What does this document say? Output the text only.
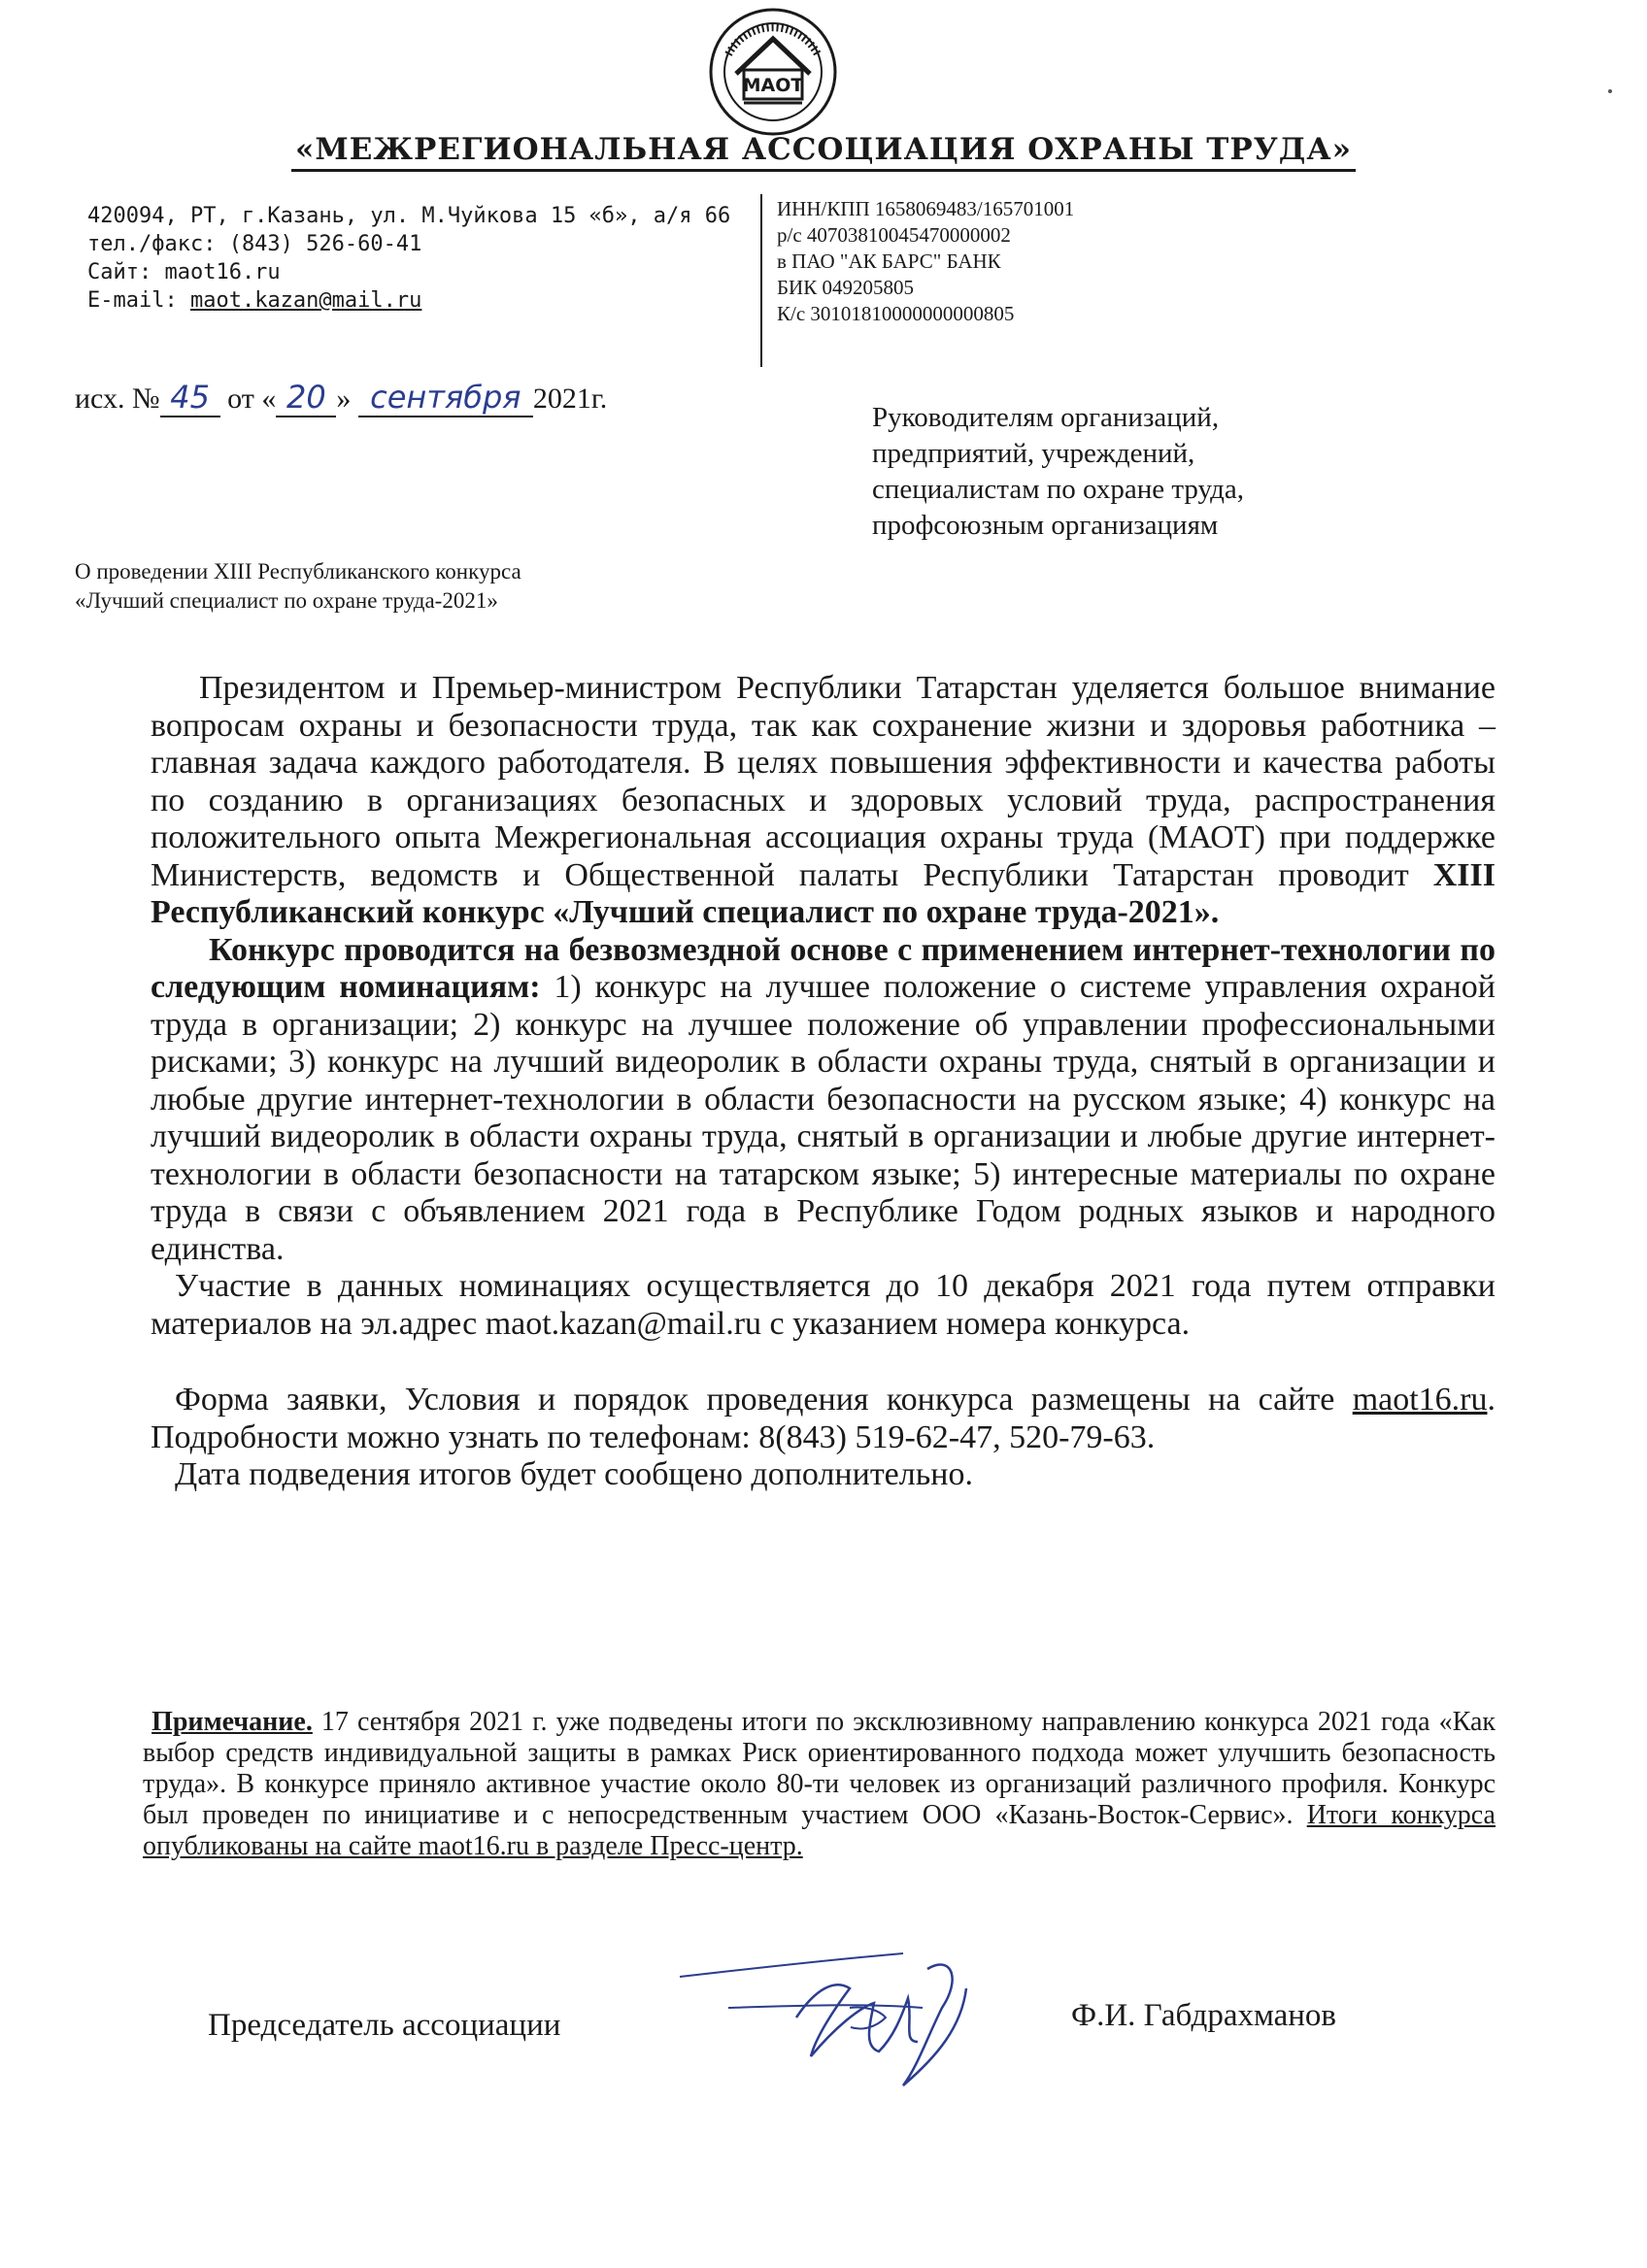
МАОТ
«МЕЖРЕГИОНАЛЬНАЯ АССОЦИАЦИЯ ОХРАНЫ ТРУДА»
420094, РТ, г.Казань, ул. М.Чуйкова 15 «б», а/я 66
тел./факс: (843) 526-60-41
Сайт: maot16.ru
E-mail: maot.kazan@mail.ru
ИНН/КПП 1658069483/165701001
р/с 40703810045470000002
в ПАО "АК БАРС" БАНК
БИК 049205805
К/с 30101810000000000805
исх. № 45 от « 20 » сентября 2021г.
Руководителям организаций,
предприятий, учреждений,
специалистам по охране труда,
профсоюзным организациям
О проведении XIII Республиканского конкурса
«Лучший специалист по охране труда-2021»

Президентом и Премьер-министром Республики Татарстан уделяется большое внимание вопросам охраны и безопасности труда, так как сохранение жизни и здоровья работника – главная задача каждого работодателя. В целях повышения эффективности и качества работы по созданию в организациях безопасных и здоровых условий труда, распространения положительного опыта Межрегиональная ассоциация охраны труда (МАОТ) при поддержке Министерств, ведомств и Общественной палаты Республики Татарстан проводит XIII Республиканский конкурс «Лучший специалист по охране труда-2021».

Конкурс проводится на безвозмездной основе с применением интернет-технологии по следующим номинациям: 1) конкурс на лучшее положение о системе управления охраной труда в организации; 2) конкурс на лучшее положение об управлении профессиональными рисками; 3) конкурс на лучший видеоролик в области охраны труда, снятый в организации и любые другие интернет-технологии в области безопасности на русском языке; 4) конкурс на лучший видеоролик в области охраны труда, снятый в организации и любые другие интернет-технологии в области безопасности на татарском языке; 5) интересные материалы по охране труда в связи с объявлением 2021 года в Республике Годом родных языков и народного единства.

Участие в данных номинациях осуществляется до 10 декабря 2021 года путем отправки материалов на эл.адрес maot.kazan@mail.ru с указанием номера конкурса.

Форма заявки, Условия и порядок проведения конкурса размещены на сайте maot16.ru. Подробности можно узнать по телефонам: 8(843) 519-62-47, 520-79-63.

Дата подведения итогов будет сообщено дополнительно.

Примечание. 17 сентября 2021 г. уже подведены итоги по эксклюзивному направлению конкурса 2021 года «Как выбор средств индивидуальной защиты в рамках Риск ориентированного подхода может улучшить безопасность труда». В конкурсе приняло активное участие около 80-ти человек из организаций различного профиля. Конкурс был проведен по инициативе и с непосредственным участием ООО «Казань-Восток-Сервис». Итоги конкурса опубликованы на сайте maot16.ru в разделе Пресс-центр.
Председатель ассоциации	Ф.И. Габдрахманов
